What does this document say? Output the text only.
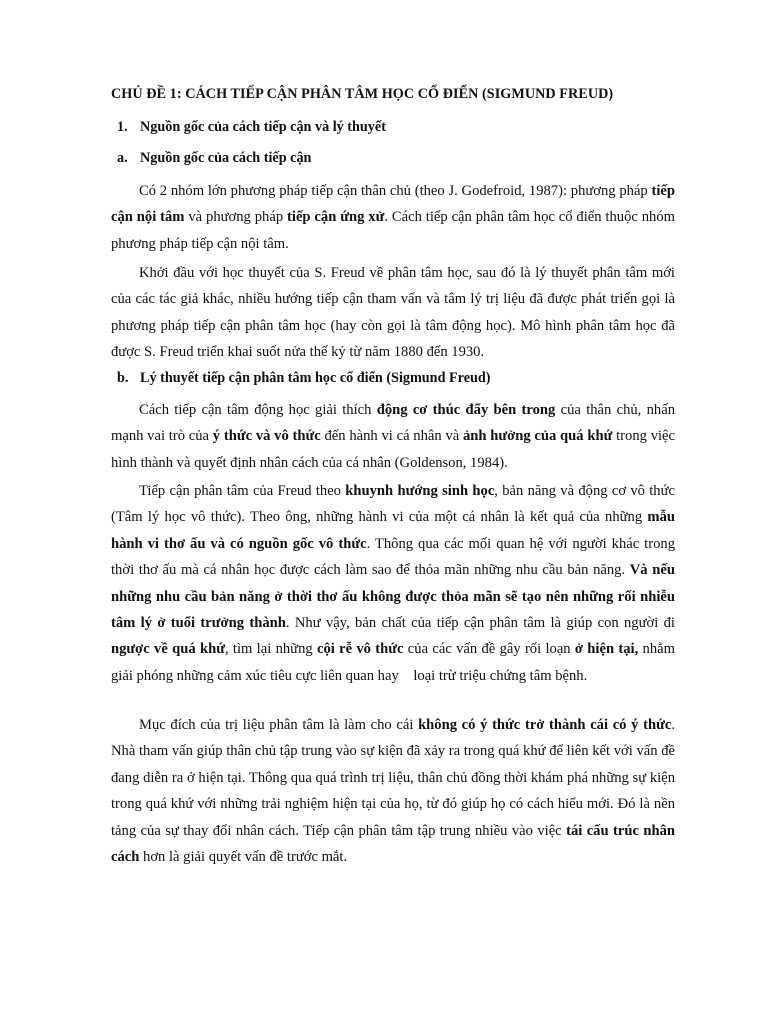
CHỦ ĐỀ 1: CÁCH TIẾP CẬN PHÂN TÂM HỌC CỔ ĐIỂN (SIGMUND FREUD)
1. Nguồn gốc của cách tiếp cận và lý thuyết
a. Nguồn gốc của cách tiếp cận

Có 2 nhóm lớn phương pháp tiếp cận thân chủ (theo J. Godefroid, 1987): phương pháp tiếp cận nội tâm và phương pháp tiếp cận ứng xử. Cách tiếp cận phân tâm học cổ điển thuộc nhóm phương pháp tiếp cận nội tâm.

Khởi đầu với học thuyết của S. Freud về phân tâm học, sau đó là lý thuyết phân tâm mới của các tác giả khác, nhiều hướng tiếp cận tham vấn và tâm lý trị liệu đã được phát triển gọi là phương pháp tiếp cận phân tâm học (hay còn gọi là tâm động học). Mô hình phân tâm học đã được S. Freud triển khai suốt nửa thế kỷ từ năm 1880 đến 1930.

b. Lý thuyết tiếp cận phân tâm học cổ điển (Sigmund Freud)

Cách tiếp cận tâm động học giải thích động cơ thúc đẩy bên trong của thân chủ, nhấn mạnh vai trò của ý thức và vô thức đến hành vi cá nhân và ảnh hưởng của quá khứ trong việc hình thành và quyết định nhân cách của cá nhân (Goldenson, 1984).

Tiếp cận phân tâm của Freud theo khuynh hướng sinh học, bản năng và động cơ vô thức (Tâm lý học vô thức). Theo ông, những hành vi của một cá nhân là kết quả của những mẫu hành vi thơ ấu và có nguồn gốc vô thức. Thông qua các mối quan hệ với người khác trong thời thơ ấu mà cá nhân học được cách làm sao để thỏa mãn những nhu cầu bản năng. Và nếu những nhu cầu bản năng ở thời thơ ấu không được thỏa mãn sẽ tạo nên những rối nhiễu tâm lý ở tuổi trưởng thành. Như vậy, bản chất của tiếp cận phân tâm là giúp con người đi ngược về quá khứ, tìm lại những cội rễ vô thức của các vấn đề gây rối loạn ở hiện tại, nhằm giải phóng những cảm xúc tiêu cực liên quan hay    loại trừ triệu chứng tâm bệnh.

Mục đích của trị liệu phân tâm là làm cho cái không có ý thức trở thành cái có ý thức. Nhà tham vấn giúp thân chủ tập trung vào sự kiện đã xảy ra trong quá khứ để liên kết với vấn đề đang diễn ra ở hiện tại. Thông qua quá trình trị liệu, thân chủ đồng thời khám phá những sự kiện trong quá khứ với những trải nghiệm hiện tại của họ, từ đó giúp họ có cách hiểu mới. Đó là nền tảng của sự thay đổi nhân cách. Tiếp cận phân tâm tập trung nhiều vào việc tái cấu trúc nhân cách hơn là giải quyết vấn đề trước mắt.
